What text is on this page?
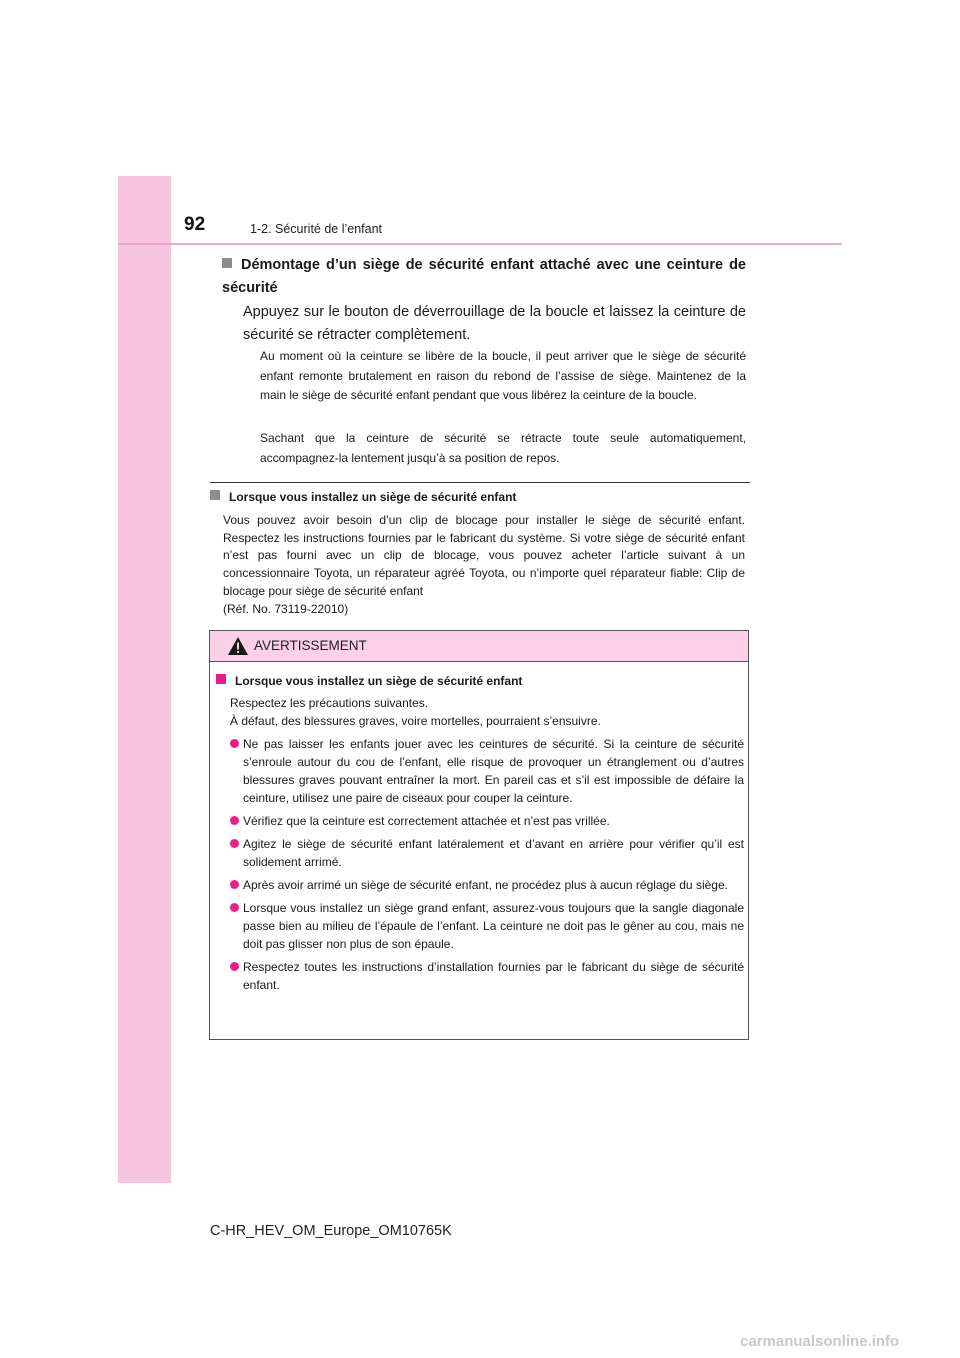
92	1-2. Sécurité de l’enfant
Démontage d’un siège de sécurité enfant attaché avec une ceinture de sécurité
Appuyez sur le bouton de déverrouillage de la boucle et laissez la ceinture de sécurité se rétracter complètement.
Au moment où la ceinture se libère de la boucle, il peut arriver que le siège de sécurité enfant remonte brutalement en raison du rebond de l’assise de siège. Maintenez de la main le siège de sécurité enfant pendant que vous libérez la ceinture de la boucle.
Sachant que la ceinture de sécurité se rétracte toute seule automatiquement, accompagnez-la lentement jusqu’à sa position de repos.
Lorsque vous installez un siège de sécurité enfant
Vous pouvez avoir besoin d’un clip de blocage pour installer le siège de sécurité enfant. Respectez les instructions fournies par le fabricant du système. Si votre siège de sécurité enfant n’est pas fourni avec un clip de blocage, vous pouvez acheter l’article suivant à un concessionnaire Toyota, un réparateur agréé Toyota, ou n’importe quel réparateur fiable: Clip de blocage pour siège de sécurité enfant
(Réf. No. 73119-22010)
AVERTISSEMENT
Lorsque vous installez un siège de sécurité enfant
Respectez les précautions suivantes.
À défaut, des blessures graves, voire mortelles, pourraient s’ensuivre.
Ne pas laisser les enfants jouer avec les ceintures de sécurité. Si la ceinture de sécurité s’enroule autour du cou de l’enfant, elle risque de provoquer un étranglement ou d’autres blessures graves pouvant entraîner la mort. En pareil cas et s’il est impossible de défaire la ceinture, utilisez une paire de ciseaux pour couper la ceinture.
Vérifiez que la ceinture est correctement attachée et n’est pas vrillée.
Agitez le siège de sécurité enfant latéralement et d’avant en arrière pour vérifier qu’il est solidement arrimé.
Après avoir arrimé un siège de sécurité enfant, ne procédez plus à aucun réglage du siège.
Lorsque vous installez un siège grand enfant, assurez-vous toujours que la sangle diagonale passe bien au milieu de l’épaule de l’enfant. La ceinture ne doit pas le gêner au cou, mais ne doit pas glisser non plus de son épaule.
Respectez toutes les instructions d’installation fournies par le fabricant du siège de sécurité enfant.
C-HR_HEV_OM_Europe_OM10765K
carmanualsonline.info
